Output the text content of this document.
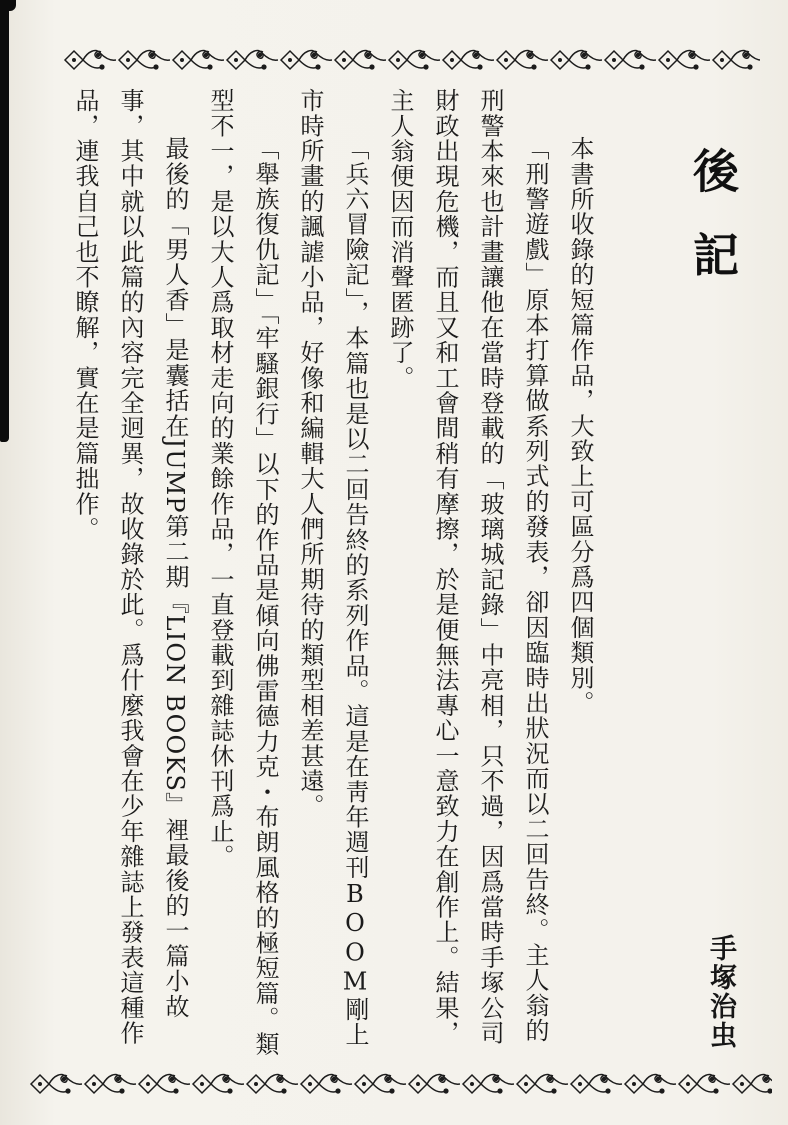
後記

本書所收錄的短篇作品，大致上可區分爲四個類別。

「刑警遊戲」原本打算做系列式的發表，卻因臨時出狀況而以二回告終。主人翁的刑警本來也計畫讓他在當時登載的「玻璃城記錄」中亮相，只不過，因爲當時手塚公司財政出現危機，而且又和工會間稍有摩擦，於是便無法專心一意致力在創作上。結果，主人翁便因而消聲匿跡了。

「兵六冒險記」，本篇也是以二回告終的系列作品。這是在靑年週刊BOOM剛上市時所畫的諷謔小品，好像和編輯大人們所期待的類型相差甚遠。

「舉族復仇記」「牢騷銀行」以下的作品是傾向佛雷德力克・布朗風格的極短篇。類型不一，是以大人爲取材走向的業餘作品，一直登載到雜誌休刊爲止。

最後的「男人香」是囊括在JUMP第二期『LION BOOKS』裡最後的一篇小故事，其中就以此篇的內容完全迥異，故收錄於此。爲什麼我會在少年雜誌上發表這種作品，連我自己也不瞭解，實在是篇拙作。

手塚治虫
